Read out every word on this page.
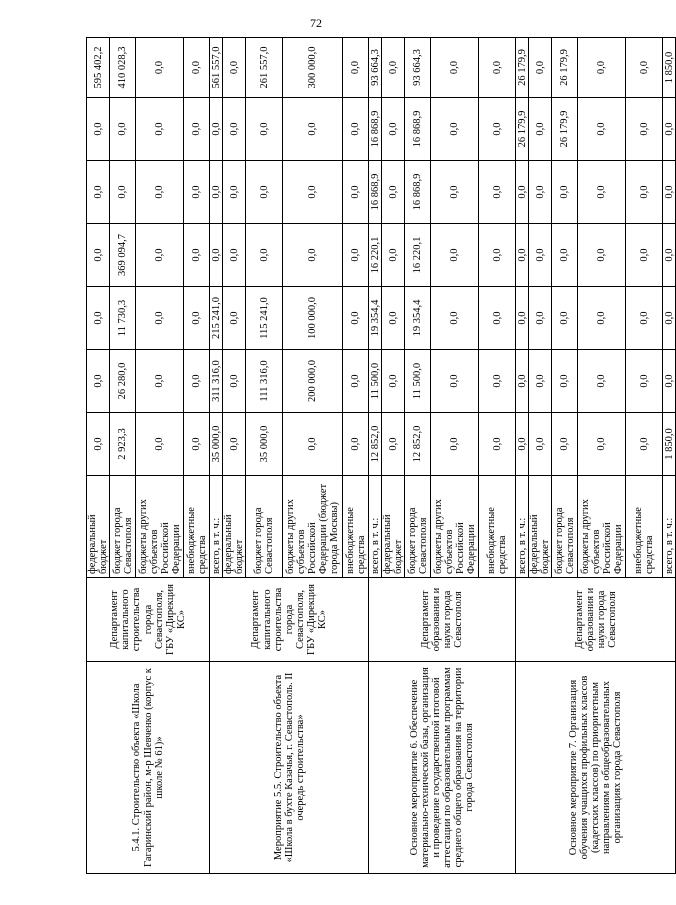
72
5.4.1. Строительство объекта «Школа Гагаринский район, м-р Шевченко (корпус к школе № 61)»	Департамент капитального строительства города Севастополя, ГБУ «Дирекция КС»	федеральный бюджет	0,0	0,0	0,0	0,0	0,0	0,0	595 402,2
		бюджет города Севастополя	2 923,3	26 280,0	11 730,3	369 094,7	0,0	0,0	410 028,3
		бюджеты других субъектов Российской Федерации	0,0	0,0	0,0	0,0	0,0	0,0	0,0
		внебюджетные средства	0,0	0,0	0,0	0,0	0,0	0,0	0,0
Мероприятие 5.5. Строительство объекта «Школа в бухте Казачья, г. Севастополь. II очередь строительства»	Департамент капитального строительства города Севастополя, ГБУ «Дирекция КС»	всего, в т. ч.:	35 000,0	311 316,0	215 241,0	0,0	0,0	0,0	561 557,0
		федеральный бюджет	0,0	0,0	0,0	0,0	0,0	0,0	0,0
		бюджет города Севастополя	35 000,0	111 316,0	115 241,0	0,0	0,0	0,0	261 557,0
		бюджеты других субъектов Российской Федерации (бюджет города Москвы)	0,0	200 000,0	100 000,0	0,0	0,0	0,0	300 000,0
		внебюджетные средства	0,0	0,0	0,0	0,0	0,0	0,0	0,0
Основное мероприятие 6. Обеспечение материально-технической базы, организация и проведение государственной итоговой аттестации по образовательным программам среднего общего образования на территории города Севастополя	Департамент образования и науки города Севастополя	всего, в т. ч.:	12 852,0	11 500,0	19 354,4	16 220,1	16 868,9	16 868,9	93 664,3
		федеральный бюджет	0,0	0,0	0,0	0,0	0,0	0,0	0,0
		бюджет города Севастополя	12 852,0	11 500,0	19 354,4	16 220,1	16 868,9	16 868,9	93 664,3
		бюджеты других субъектов Российской Федерации	0,0	0,0	0,0	0,0	0,0	0,0	0,0
		внебюджетные средства	0,0	0,0	0,0	0,0	0,0	0,0	0,0
Основное мероприятие 7. Организация обучения учащихся профильных классов (кадетских классов) по приоритетным направлениям в общеобразовательных организациях города Севастополя	Департамент образования и науки города Севастополя	всего, в т. ч.:	0,0	0,0	0,0	0,0	0,0	26 179,9	26 179,9
		федеральный бюджет	0,0	0,0	0,0	0,0	0,0	0,0	0,0
		бюджет города Севастополя	0,0	0,0	0,0	0,0	0,0	26 179,9	26 179,9
		бюджеты других субъектов Российской Федерации	0,0	0,0	0,0	0,0	0,0	0,0	0,0
		внебюджетные средства	0,0	0,0	0,0	0,0	0,0	0,0	0,0
		всего, в т. ч.:	1 850,0	0,0	0,0	0,0	0,0	0,0	1 850,0
